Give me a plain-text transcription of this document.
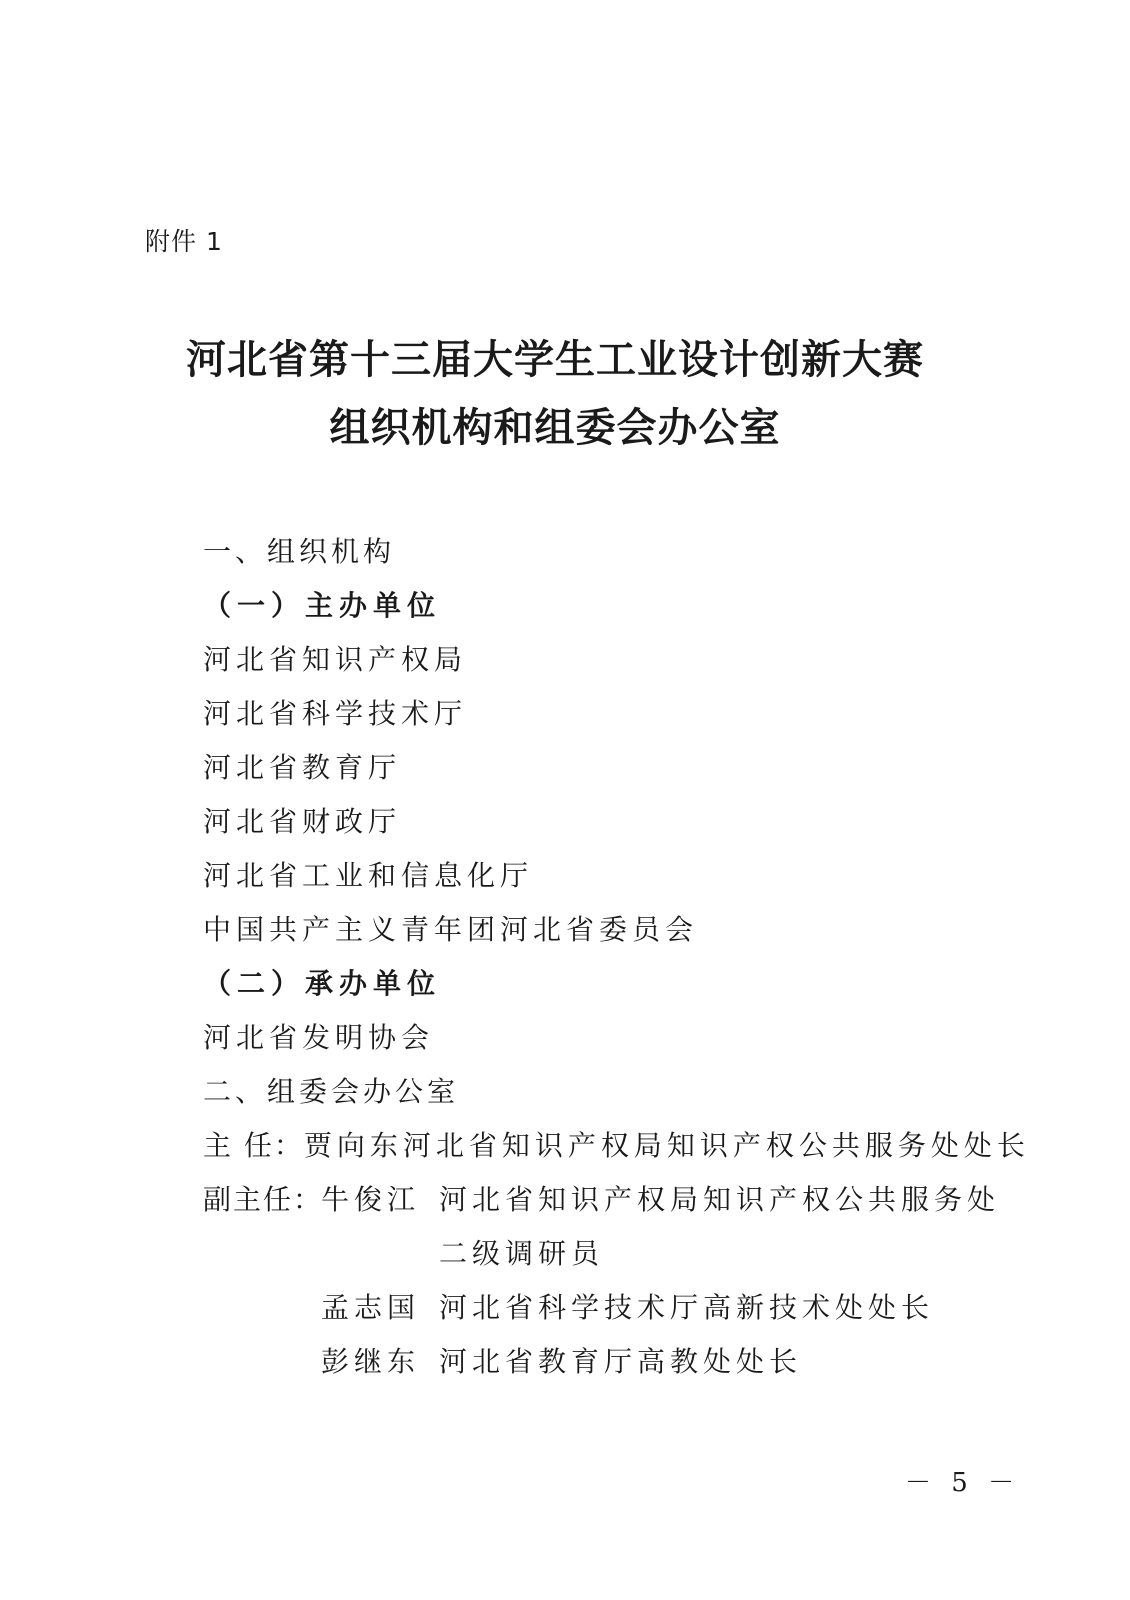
附件 1
河北省第十三届大学生工业设计创新大赛
组织机构和组委会办公室
一、组织机构
（一）主办单位
河北省知识产权局
河北省科学技术厅
河北省教育厅
河北省财政厅
河北省工业和信息化厅
中国共产主义青年团河北省委员会
（二）承办单位
河北省发明协会
二、组委会办公室
主 任： 贾向东 河北省知识产权局知识产权公共服务处处长
副主任：
牛俊江 河北省知识产权局知识产权公共服务处
二级调研员
孟志国 河北省科学技术厅高新技术处处长
彭继东 河北省教育厅高教处处长
－ 5 －
